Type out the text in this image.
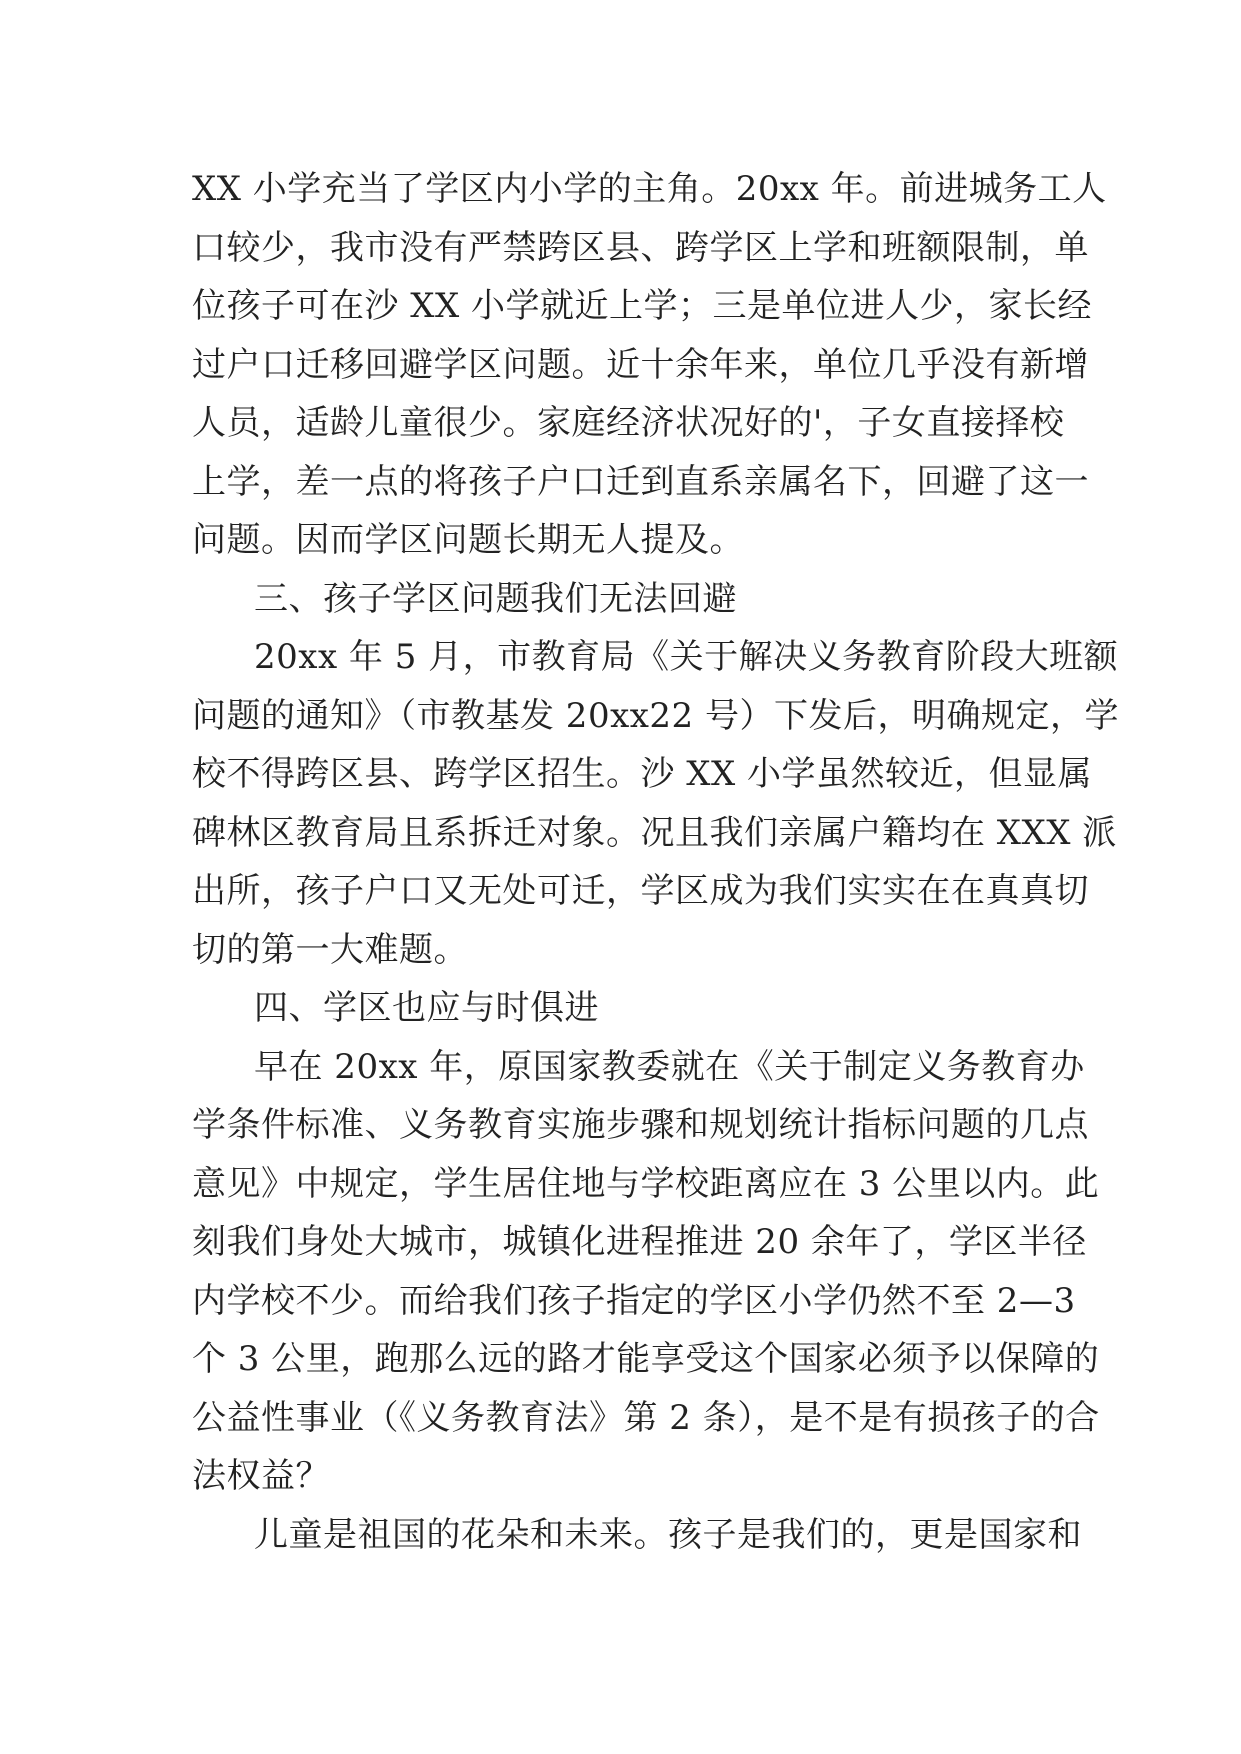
XX 小学充当了学区内小学的主角。20xx 年。前进城务工人
口较少，我市没有严禁跨区县、跨学区上学和班额限制，单
位孩子可在沙 XX 小学就近上学；三是单位进人少，家长经
过户口迁移回避学区问题。近十余年来，单位几乎没有新增
人员，适龄儿童很少。家庭经济状况好的'，子女直接择校
上学，差一点的将孩子户口迁到直系亲属名下，回避了这一
问题。因而学区问题长期无人提及。
三、孩子学区问题我们无法回避
20xx 年 5 月，市教育局《关于解决义务教育阶段大班额
问题的通知》（市教基发 20xx22 号）下发后，明确规定，学
校不得跨区县、跨学区招生。沙 XX 小学虽然较近，但显属
碑林区教育局且系拆迁对象。况且我们亲属户籍均在 XXX 派
出所，孩子户口又无处可迁，学区成为我们实实在在真真切
切的第一大难题。
四、学区也应与时俱进
早在 20xx 年，原国家教委就在《关于制定义务教育办
学条件标准、义务教育实施步骤和规划统计指标问题的几点
意见》中规定，学生居住地与学校距离应在 3 公里以内。此
刻我们身处大城市，城镇化进程推进 20 余年了，学区半径
内学校不少。而给我们孩子指定的学区小学仍然不至 2—3
个 3 公里，跑那么远的路才能享受这个国家必须予以保障的
公益性事业（《义务教育法》第 2 条），是不是有损孩子的合
法权益？
儿童是祖国的花朵和未来。孩子是我们的，更是国家和
